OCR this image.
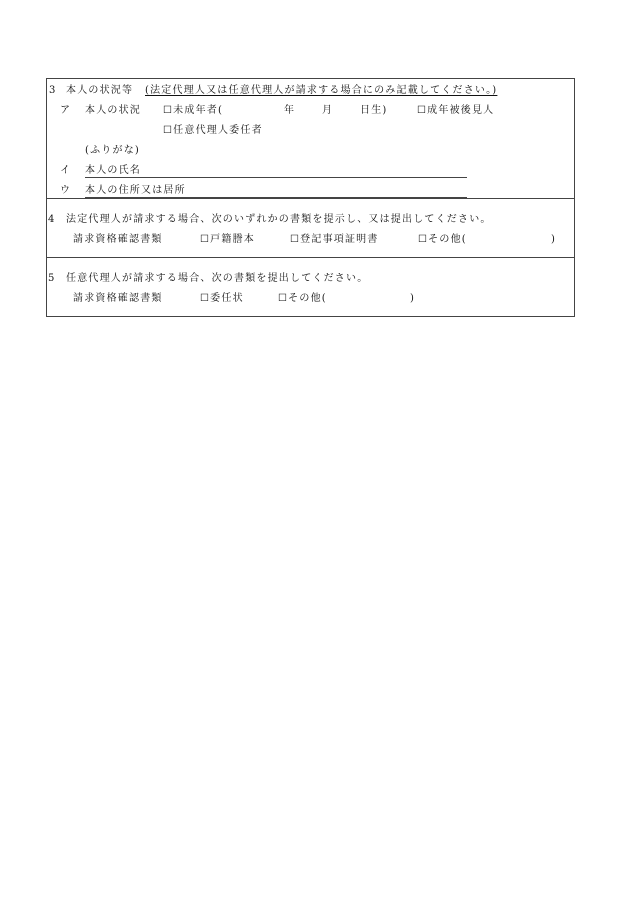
3 本人の状況等 (法定代理人又は任意代理人が請求する場合にのみ記載してください。)
ア 本人の状況 ☐未成年者(	年	月	日生)	☐成年被後見人
☐任意代理人委任者
(ふりがな)
イ 本人の氏名
ウ 本人の住所又は居所
4 法定代理人が請求する場合、次のいずれかの書類を提示し、又は提出してください。
請求資格確認書類	☐戸籍謄本	☐登記事項証明書	☐その他(	)
5 任意代理人が請求する場合、次の書類を提出してください。
請求資格確認書類	☐委任状	☐その他(	)
